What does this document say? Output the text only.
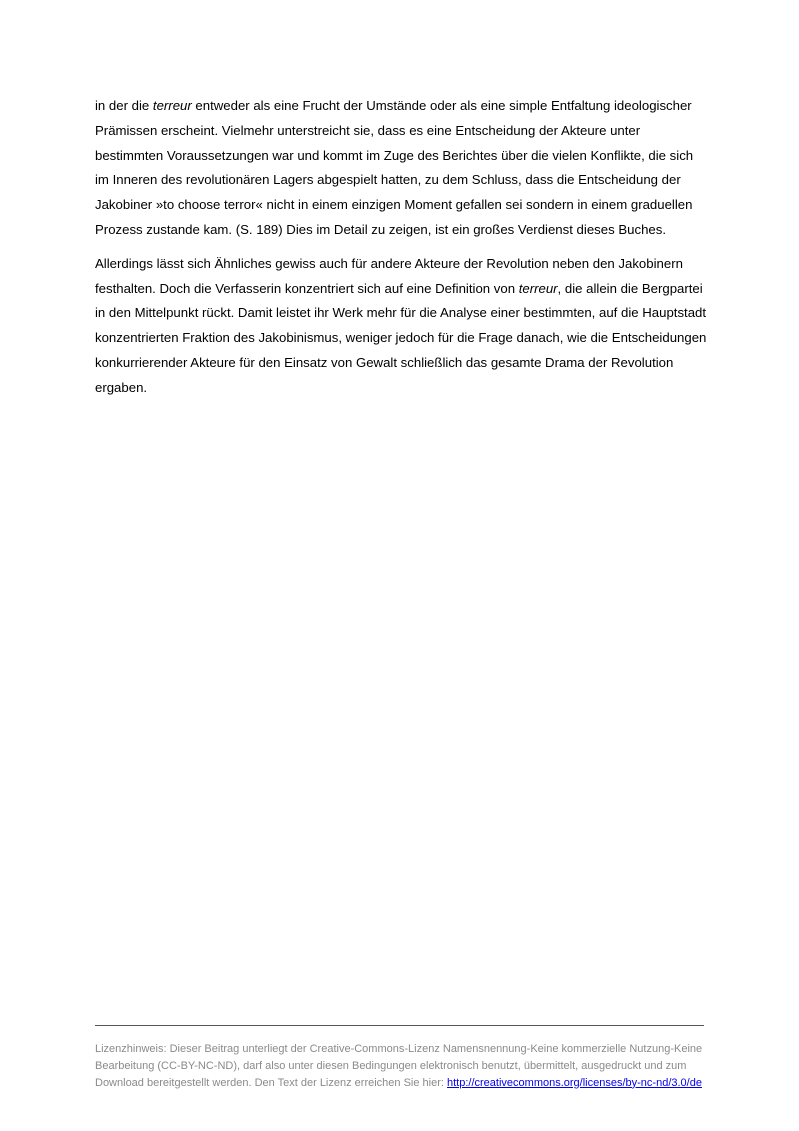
in der die terreur entweder als eine Frucht der Umstände oder als eine simple Entfaltung ideologischer Prämissen erscheint. Vielmehr unterstreicht sie, dass es eine Entscheidung der Akteure unter bestimmten Voraussetzungen war und kommt im Zuge des Berichtes über die vielen Konflikte, die sich im Inneren des revolutionären Lagers abgespielt hatten, zu dem Schluss, dass die Entscheidung der Jakobiner »to choose terror« nicht in einem einzigen Moment gefallen sei sondern in einem graduellen Prozess zustande kam. (S. 189) Dies im Detail zu zeigen, ist ein großes Verdienst dieses Buches.

Allerdings lässt sich Ähnliches gewiss auch für andere Akteure der Revolution neben den Jakobinern festhalten. Doch die Verfasserin konzentriert sich auf eine Definition von terreur, die allein die Bergpartei in den Mittelpunkt rückt. Damit leistet ihr Werk mehr für die Analyse einer bestimmten, auf die Hauptstadt konzentrierten Fraktion des Jakobinismus, weniger jedoch für die Frage danach, wie die Entscheidungen konkurrierender Akteure für den Einsatz von Gewalt schließlich das gesamte Drama der Revolution ergaben.

Lizenzhinweis: Dieser Beitrag unterliegt der Creative-Commons-Lizenz Namensnennung-Keine kommerzielle Nutzung-Keine Bearbeitung (CC-BY-NC-ND), darf also unter diesen Bedingungen elektronisch benutzt, übermittelt, ausgedruckt und zum Download bereitgestellt werden. Den Text der Lizenz erreichen Sie hier: http://creativecommons.org/licenses/by-nc-nd/3.0/de
